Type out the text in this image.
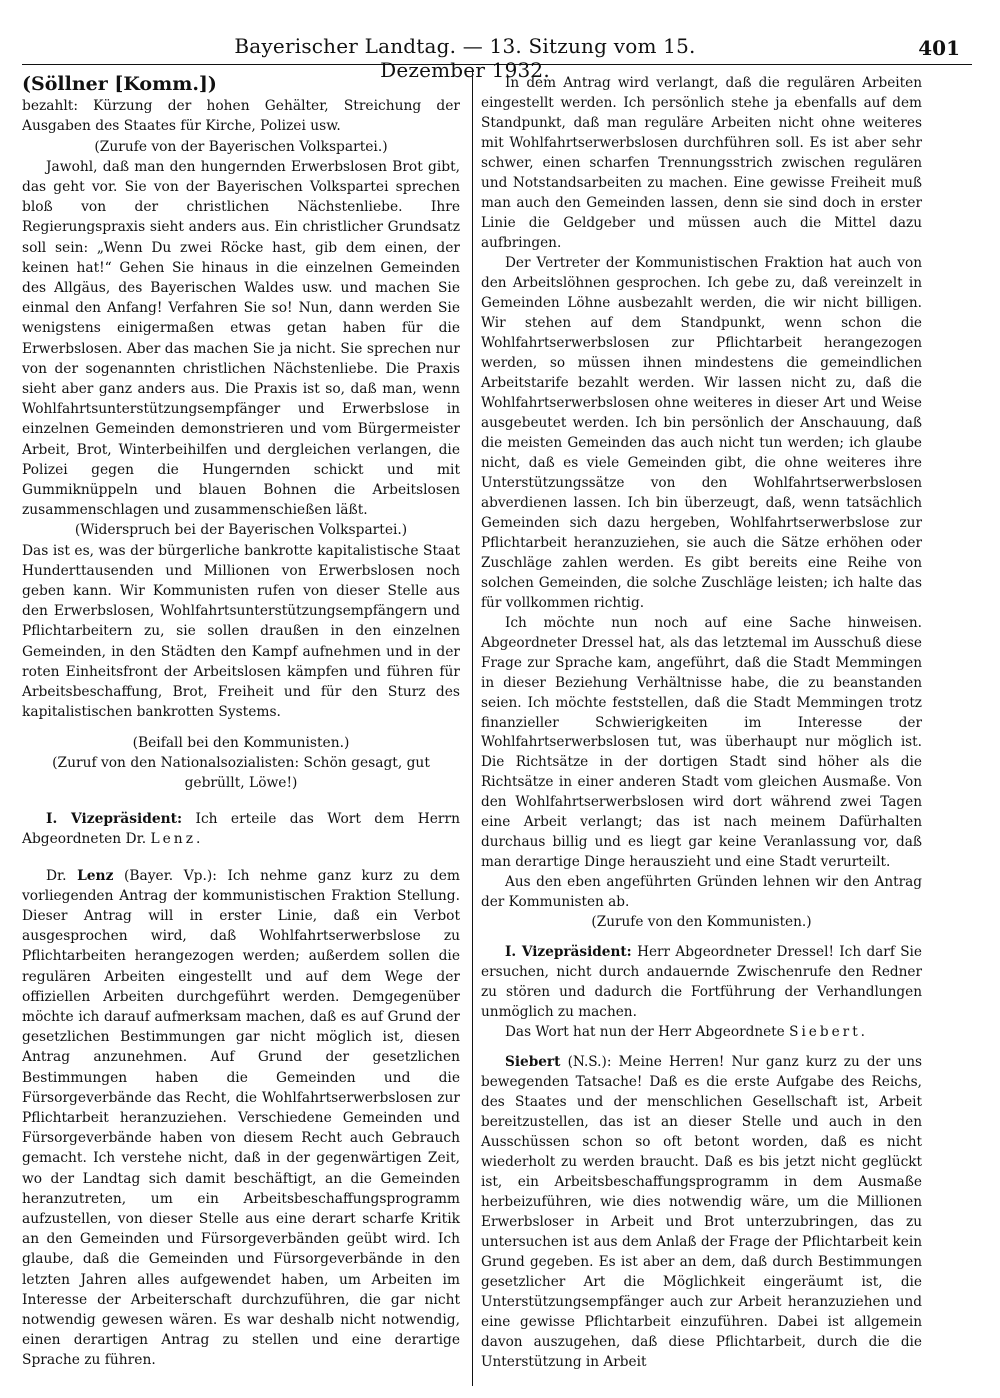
Bayerischer Landtag. — 13. Sitzung vom 15. Dezember 1932.
401
(Söllner [Komm.])

bezahlt: Kürzung der hohen Gehälter, Streichung der Ausgaben des Staates für Kirche, Polizei usw.

(Zurufe von der Bayerischen Volkspartei.)

Jawohl, daß man den hungernden Erwerbslosen Brot gibt, das geht vor. Sie von der Bayerischen Volkspartei sprechen bloß von der christlichen Nächstenliebe. Ihre Regierungspraxis sieht anders aus. Ein christlicher Grundsatz soll sein: „Wenn Du zwei Röcke hast, gib dem einen, der keinen hat!“ Gehen Sie hinaus in die einzelnen Gemeinden des Allgäus, des Bayerischen Waldes usw. und machen Sie einmal den Anfang! Verfahren Sie so! Nun, dann werden Sie wenigstens einigermaßen etwas getan haben für die Erwerbslosen. Aber das machen Sie ja nicht. Sie sprechen nur von der sogenannten christlichen Nächstenliebe. Die Praxis sieht aber ganz anders aus. Die Praxis ist so, daß man, wenn Wohlfahrtsunterstützungsempfänger und Erwerbslose in einzelnen Gemeinden demonstrieren und vom Bürgermeister Arbeit, Brot, Winterbeihilfen und dergleichen verlangen, die Polizei gegen die Hungernden schickt und mit Gummiknüppeln und blauen Bohnen die Arbeitslosen zusammenschlagen und zusammenschießen läßt.

(Widerspruch bei der Bayerischen Volkspartei.)

Das ist es, was der bürgerliche bankrotte kapitalistische Staat Hunderttausenden und Millionen von Erwerbslosen noch geben kann. Wir Kommunisten rufen von dieser Stelle aus den Erwerbslosen, Wohlfahrtsunterstützungsempfängern und Pflichtarbeitern zu, sie sollen draußen in den einzelnen Gemeinden, in den Städten den Kampf aufnehmen und in der roten Einheitsfront der Arbeitslosen kämpfen und führen für Arbeitsbeschaffung, Brot, Freiheit und für den Sturz des kapitalistischen bankrotten Systems.

(Beifall bei den Kommunisten.)

(Zuruf von den Nationalsozialisten: Schön gesagt, gut gebrüllt, Löwe!)

I. Vizepräsident: Ich erteile das Wort dem Herrn Abgeordneten Dr. Lenz.

Dr. Lenz (Bayer. Vp.): Ich nehme ganz kurz zu dem vorliegenden Antrag der kommunistischen Fraktion Stellung. Dieser Antrag will in erster Linie, daß ein Verbot ausgesprochen wird, daß Wohlfahrtserwerbslose zu Pflichtarbeiten herangezogen werden; außerdem sollen die regulären Arbeiten eingestellt und auf dem Wege der offiziellen Arbeiten durchgeführt werden. Demgegenüber möchte ich darauf aufmerksam machen, daß es auf Grund der gesetzlichen Bestimmungen gar nicht möglich ist, diesen Antrag anzunehmen. Auf Grund der gesetzlichen Bestimmungen haben die Gemeinden und die Fürsorgeverbände das Recht, die Wohlfahrtserwerbslosen zur Pflichtarbeit heranzuziehen. Verschiedene Gemeinden und Fürsorgeverbände haben von diesem Recht auch Gebrauch gemacht. Ich verstehe nicht, daß in der gegenwärtigen Zeit, wo der Landtag sich damit beschäftigt, an die Gemeinden heranzutreten, um ein Arbeitsbeschaffungsprogramm aufzustellen, von dieser Stelle aus eine derart scharfe Kritik an den Gemeinden und Fürsorgeverbänden geübt wird. Ich glaube, daß die Gemeinden und Fürsorgeverbände in den letzten Jahren alles aufgewendet haben, um Arbeiten im Interesse der Arbeiterschaft durchzuführen, die gar nicht notwendig gewesen wären. Es war deshalb nicht notwendig, einen derartigen Antrag zu stellen und eine derartige Sprache zu führen.

In dem Antrag wird verlangt, daß die regulären Arbeiten eingestellt werden. Ich persönlich stehe ja ebenfalls auf dem Standpunkt, daß man reguläre Arbeiten nicht ohne weiteres mit Wohlfahrtserwerbslosen durchführen soll. Es ist aber sehr schwer, einen scharfen Trennungsstrich zwischen regulären und Notstandsarbeiten zu machen. Eine gewisse Freiheit muß man auch den Gemeinden lassen, denn sie sind doch in erster Linie die Geldgeber und müssen auch die Mittel dazu aufbringen.

Der Vertreter der Kommunistischen Fraktion hat auch von den Arbeitslöhnen gesprochen. Ich gebe zu, daß vereinzelt in Gemeinden Löhne ausbezahlt werden, die wir nicht billigen. Wir stehen auf dem Standpunkt, wenn schon die Wohlfahrtserwerbslosen zur Pflichtarbeit herangezogen werden, so müssen ihnen mindestens die gemeindlichen Arbeitstarife bezahlt werden. Wir lassen nicht zu, daß die Wohlfahrtserwerbslosen ohne weiteres in dieser Art und Weise ausgebeutet werden. Ich bin persönlich der Anschauung, daß die meisten Gemeinden das auch nicht tun werden; ich glaube nicht, daß es viele Gemeinden gibt, die ohne weiteres ihre Unterstützungssätze von den Wohlfahrtserwerbslosen abverdienen lassen. Ich bin überzeugt, daß, wenn tatsächlich Gemeinden sich dazu hergeben, Wohlfahrtserwerbslose zur Pflichtarbeit heranzuziehen, sie auch die Sätze erhöhen oder Zuschläge zahlen werden. Es gibt bereits eine Reihe von solchen Gemeinden, die solche Zuschläge leisten; ich halte das für vollkommen richtig.

Ich möchte nun noch auf eine Sache hinweisen. Abgeordneter Dressel hat, als das letztemal im Ausschuß diese Frage zur Sprache kam, angeführt, daß die Stadt Memmingen in dieser Beziehung Verhältnisse habe, die zu beanstanden seien. Ich möchte feststellen, daß die Stadt Memmingen trotz finanzieller Schwierigkeiten im Interesse der Wohlfahrtserwerbslosen tut, was überhaupt nur möglich ist. Die Richtsätze in der dortigen Stadt sind höher als die Richtsätze in einer anderen Stadt vom gleichen Ausmaße. Von den Wohlfahrtserwerbslosen wird dort während zwei Tagen eine Arbeit verlangt; das ist nach meinem Dafürhalten durchaus billig und es liegt gar keine Veranlassung vor, daß man derartige Dinge herauszieht und eine Stadt verurteilt.

Aus den eben angeführten Gründen lehnen wir den Antrag der Kommunisten ab.

(Zurufe von den Kommunisten.)

I. Vizepräsident: Herr Abgeordneter Dressel! Ich darf Sie ersuchen, nicht durch andauernde Zwischenrufe den Redner zu stören und dadurch die Fortführung der Verhandlungen unmöglich zu machen.

Das Wort hat nun der Herr Abgeordnete Siebert.

Siebert (N.S.): Meine Herren! Nur ganz kurz zu der uns bewegenden Tatsache! Daß es die erste Aufgabe des Reichs, des Staates und der menschlichen Gesellschaft ist, Arbeit bereitzustellen, das ist an dieser Stelle und auch in den Ausschüssen schon so oft betont worden, daß es nicht wiederholt zu werden braucht. Daß es bis jetzt nicht geglückt ist, ein Arbeitsbeschaffungsprogramm in dem Ausmaße herbeizuführen, wie dies notwendig wäre, um die Millionen Erwerbsloser in Arbeit und Brot unterzubringen, das zu untersuchen ist aus dem Anlaß der Frage der Pflichtarbeit kein Grund gegeben. Es ist aber an dem, daß durch Bestimmungen gesetzlicher Art die Möglichkeit eingeräumt ist, die Unterstützungsempfänger auch zur Arbeit heranzuziehen und eine gewisse Pflichtarbeit einzuführen. Dabei ist allgemein davon auszugehen, daß diese Pflichtarbeit, durch die die Unterstützung in Arbeit
